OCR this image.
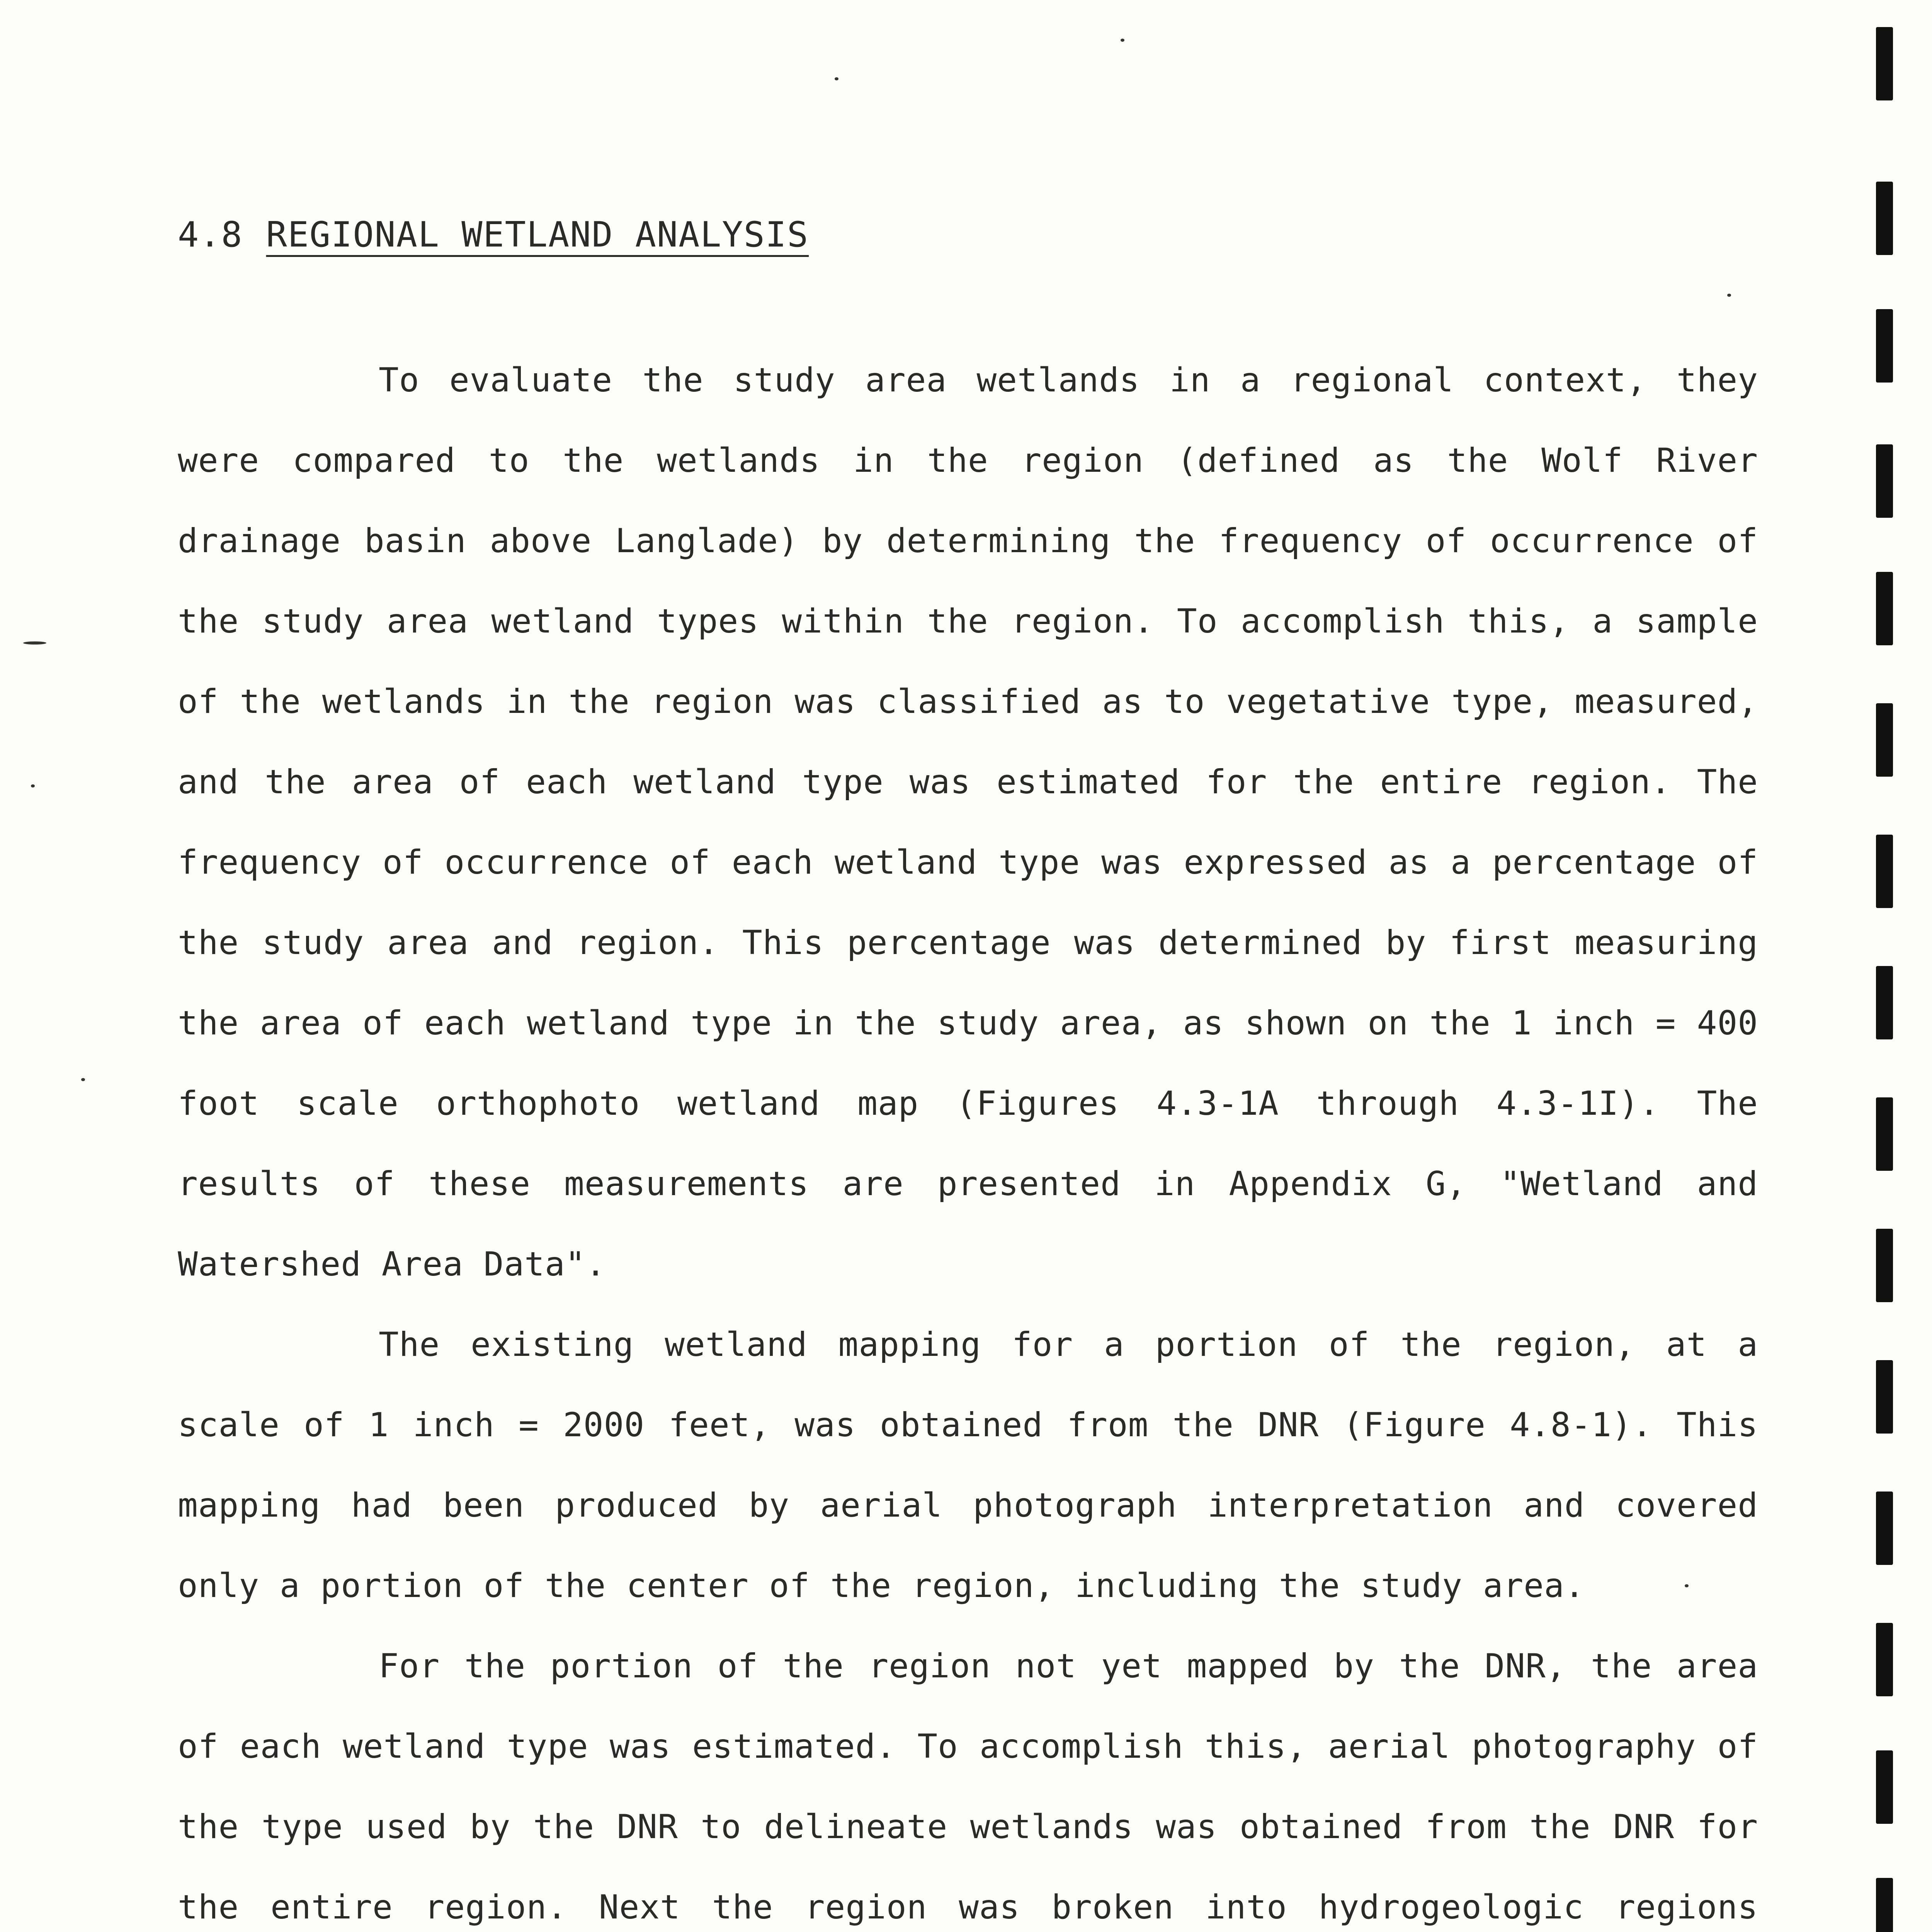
4.8 REGIONAL WETLAND ANALYSIS

To evaluate the study area wetlands in a regional context, they were compared to the wetlands in the region (defined as the Wolf River drainage basin above Langlade) by determining the frequency of occurrence of the study area wetland types within the region. To accomplish this, a sample of the wetlands in the region was classified as to vegetative type, measured, and the area of each wetland type was estimated for the entire region. The frequency of occurrence of each wetland type was expressed as a percentage of the study area and region. This percentage was determined by first measuring the area of each wetland type in the study area, as shown on the 1 inch = 400 foot scale orthophoto wetland map (Figures 4.3-1A through 4.3-1I). The results of these measurements are presented in Appendix G, "Wetland and Watershed Area Data".

The existing wetland mapping for a portion of the region, at a scale of 1 inch = 2000 feet, was obtained from the DNR (Figure 4.8-1). This mapping had been produced by aerial photograph interpretation and covered only a portion of the center of the region, including the study area.

For the portion of the region not yet mapped by the DNR, the area of each wetland type was estimated. To accomplish this, aerial photography of the type used by the DNR to delineate wetlands was obtained from the DNR for the entire region. Next the region was broken into hydrogeologic regions
